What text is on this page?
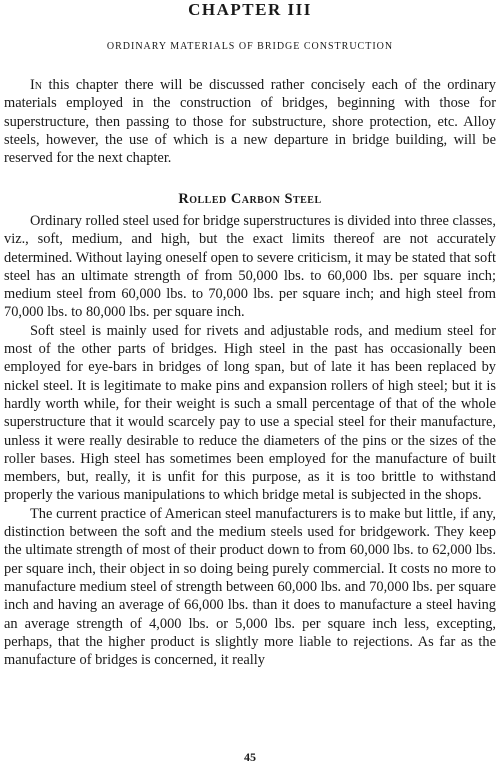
CHAPTER III
ORDINARY MATERIALS OF BRIDGE CONSTRUCTION

In this chapter there will be discussed rather concisely each of the ordinary materials employed in the construction of bridges, beginning with those for superstructure, then passing to those for substructure, shore protection, etc. Alloy steels, however, the use of which is a new departure in bridge building, will be reserved for the next chapter.

Rolled Carbon Steel

Ordinary rolled steel used for bridge superstructures is divided into three classes, viz., soft, medium, and high, but the exact limits thereof are not accurately determined. Without laying oneself open to severe criticism, it may be stated that soft steel has an ultimate strength of from 50,000 lbs. to 60,000 lbs. per square inch; medium steel from 60,000 lbs. to 70,000 lbs. per square inch; and high steel from 70,000 lbs. to 80,000 lbs. per square inch.

Soft steel is mainly used for rivets and adjustable rods, and medium steel for most of the other parts of bridges. High steel in the past has occasionally been employed for eye-bars in bridges of long span, but of late it has been replaced by nickel steel. It is legitimate to make pins and expansion rollers of high steel; but it is hardly worth while, for their weight is such a small percentage of that of the whole superstructure that it would scarcely pay to use a special steel for their manufacture, unless it were really desirable to reduce the diameters of the pins or the sizes of the roller bases. High steel has sometimes been employed for the manufacture of built members, but, really, it is unfit for this purpose, as it is too brittle to withstand properly the various manipulations to which bridge metal is subjected in the shops.

The current practice of American steel manufacturers is to make but little, if any, distinction between the soft and the medium steels used for bridgework. They keep the ultimate strength of most of their product down to from 60,000 lbs. to 62,000 lbs. per square inch, their object in so doing being purely commercial. It costs no more to manufacture medium steel of strength between 60,000 lbs. and 70,000 lbs. per square inch and having an average of 66,000 lbs. than it does to manufacture a steel having an average strength of 4,000 lbs. or 5,000 lbs. per square inch less, excepting, perhaps, that the higher product is slightly more liable to rejections. As far as the manufacture of bridges is concerned, it really

45
